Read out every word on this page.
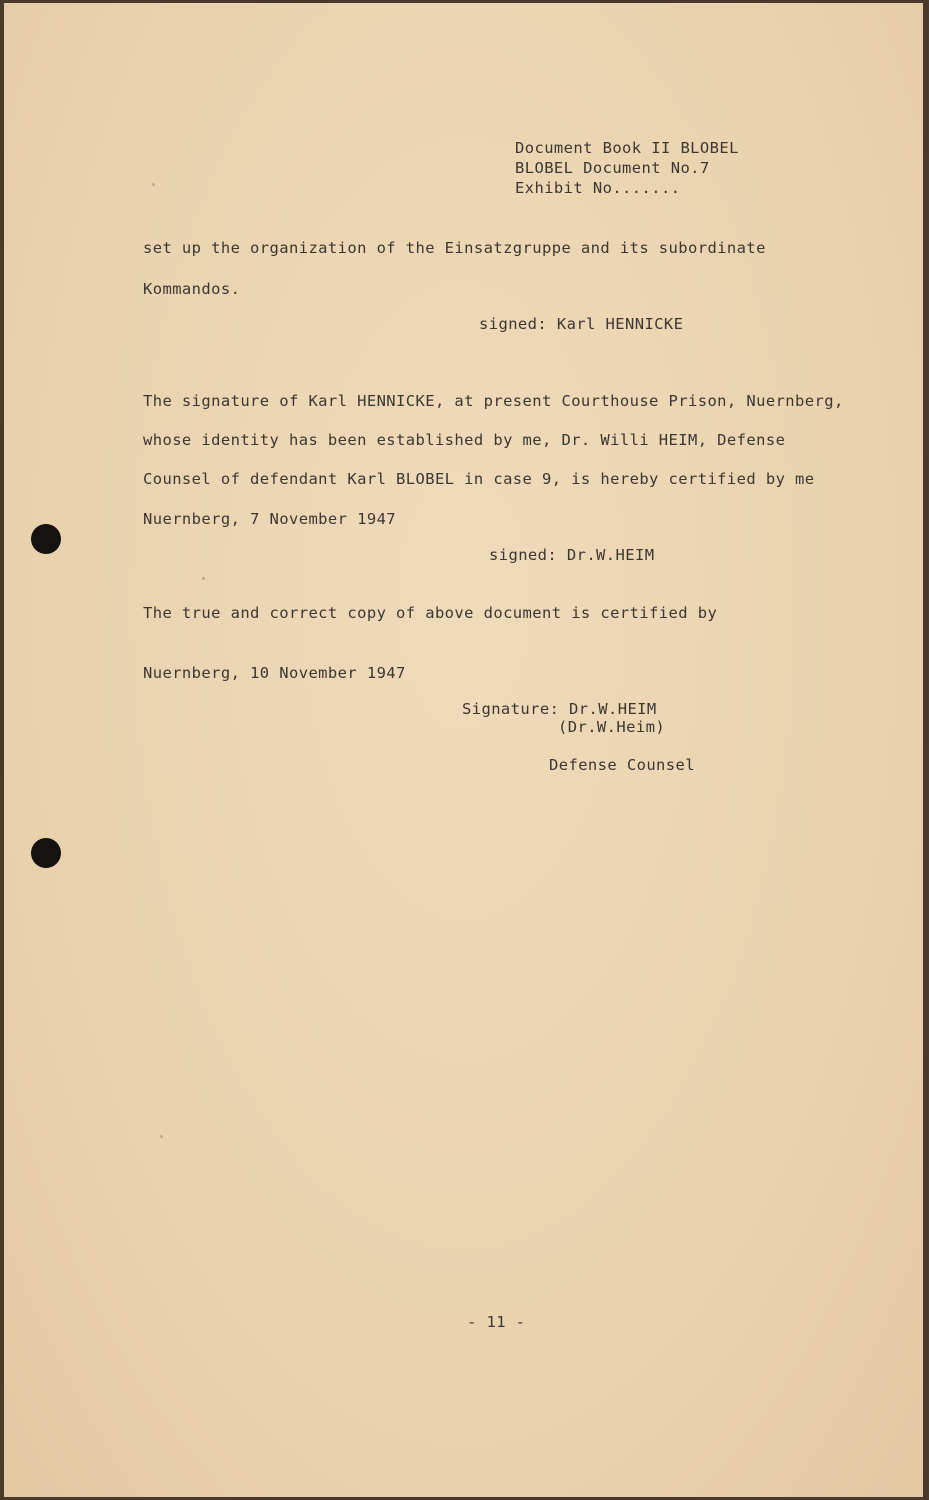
Document Book II BLOBEL
BLOBEL Document No.7
Exhibit No.......
set up the organization of the Einsatzgruppe and its subordinate
Kommandos.
signed: Karl HENNICKE
The signature of Karl HENNICKE, at present Courthouse Prison, Nuernberg,
whose identity has been established by me, Dr. Willi HEIM, Defense
Counsel of defendant Karl BLOBEL in case 9, is hereby certified by me
Nuernberg, 7 November 1947
signed: Dr.W.HEIM
The true and correct copy of above document is certified by
Nuernberg, 10 November 1947
Signature: Dr.W.HEIM
(Dr.W.Heim)
Defense Counsel
- 11 -
